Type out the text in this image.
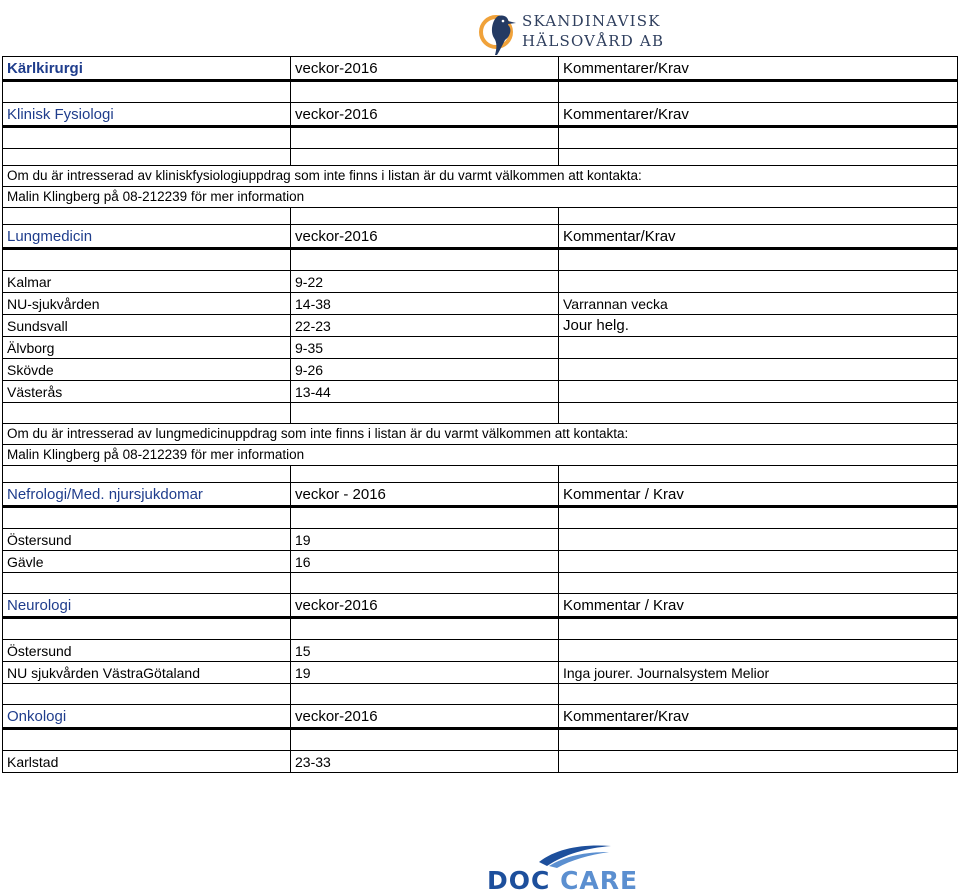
SKANDINAVISK
HÄLSOVÅRD AB
Kärlkirurgi	veckor-2016	Kommentarer/Krav

Klinisk Fysiologi	veckor-2016	Kommentarer/Krav

Om du är intresserad av kliniskfysiologiuppdrag som inte finns i listan är du varmt välkommen att kontakta:		
Malin Klingberg på 08-212239 för mer information		

Lungmedicin	veckor-2016	Kommentar/Krav

Kalmar	9-22	
NU-sjukvården	14-38	Varrannan vecka
Sundsvall	22-23	Jour helg.
Älvborg	9-35	
Skövde	9-26	
Västerås	13-44	

Om du är intresserad av lungmedicinuppdrag som inte finns i listan är du varmt välkommen att kontakta:		
Malin Klingberg på 08-212239 för mer information		

Nefrologi/Med. njursjukdomar	veckor - 2016	Kommentar / Krav

Östersund	19	
Gävle	16	

Neurologi	veckor-2016	Kommentar / Krav

Östersund	15	
NU sjukvården VästraGötaland	19	Inga jourer. Journalsystem Melior

Onkologi	veckor-2016	Kommentarer/Krav

Karlstad	23-33	
DOC CARE
